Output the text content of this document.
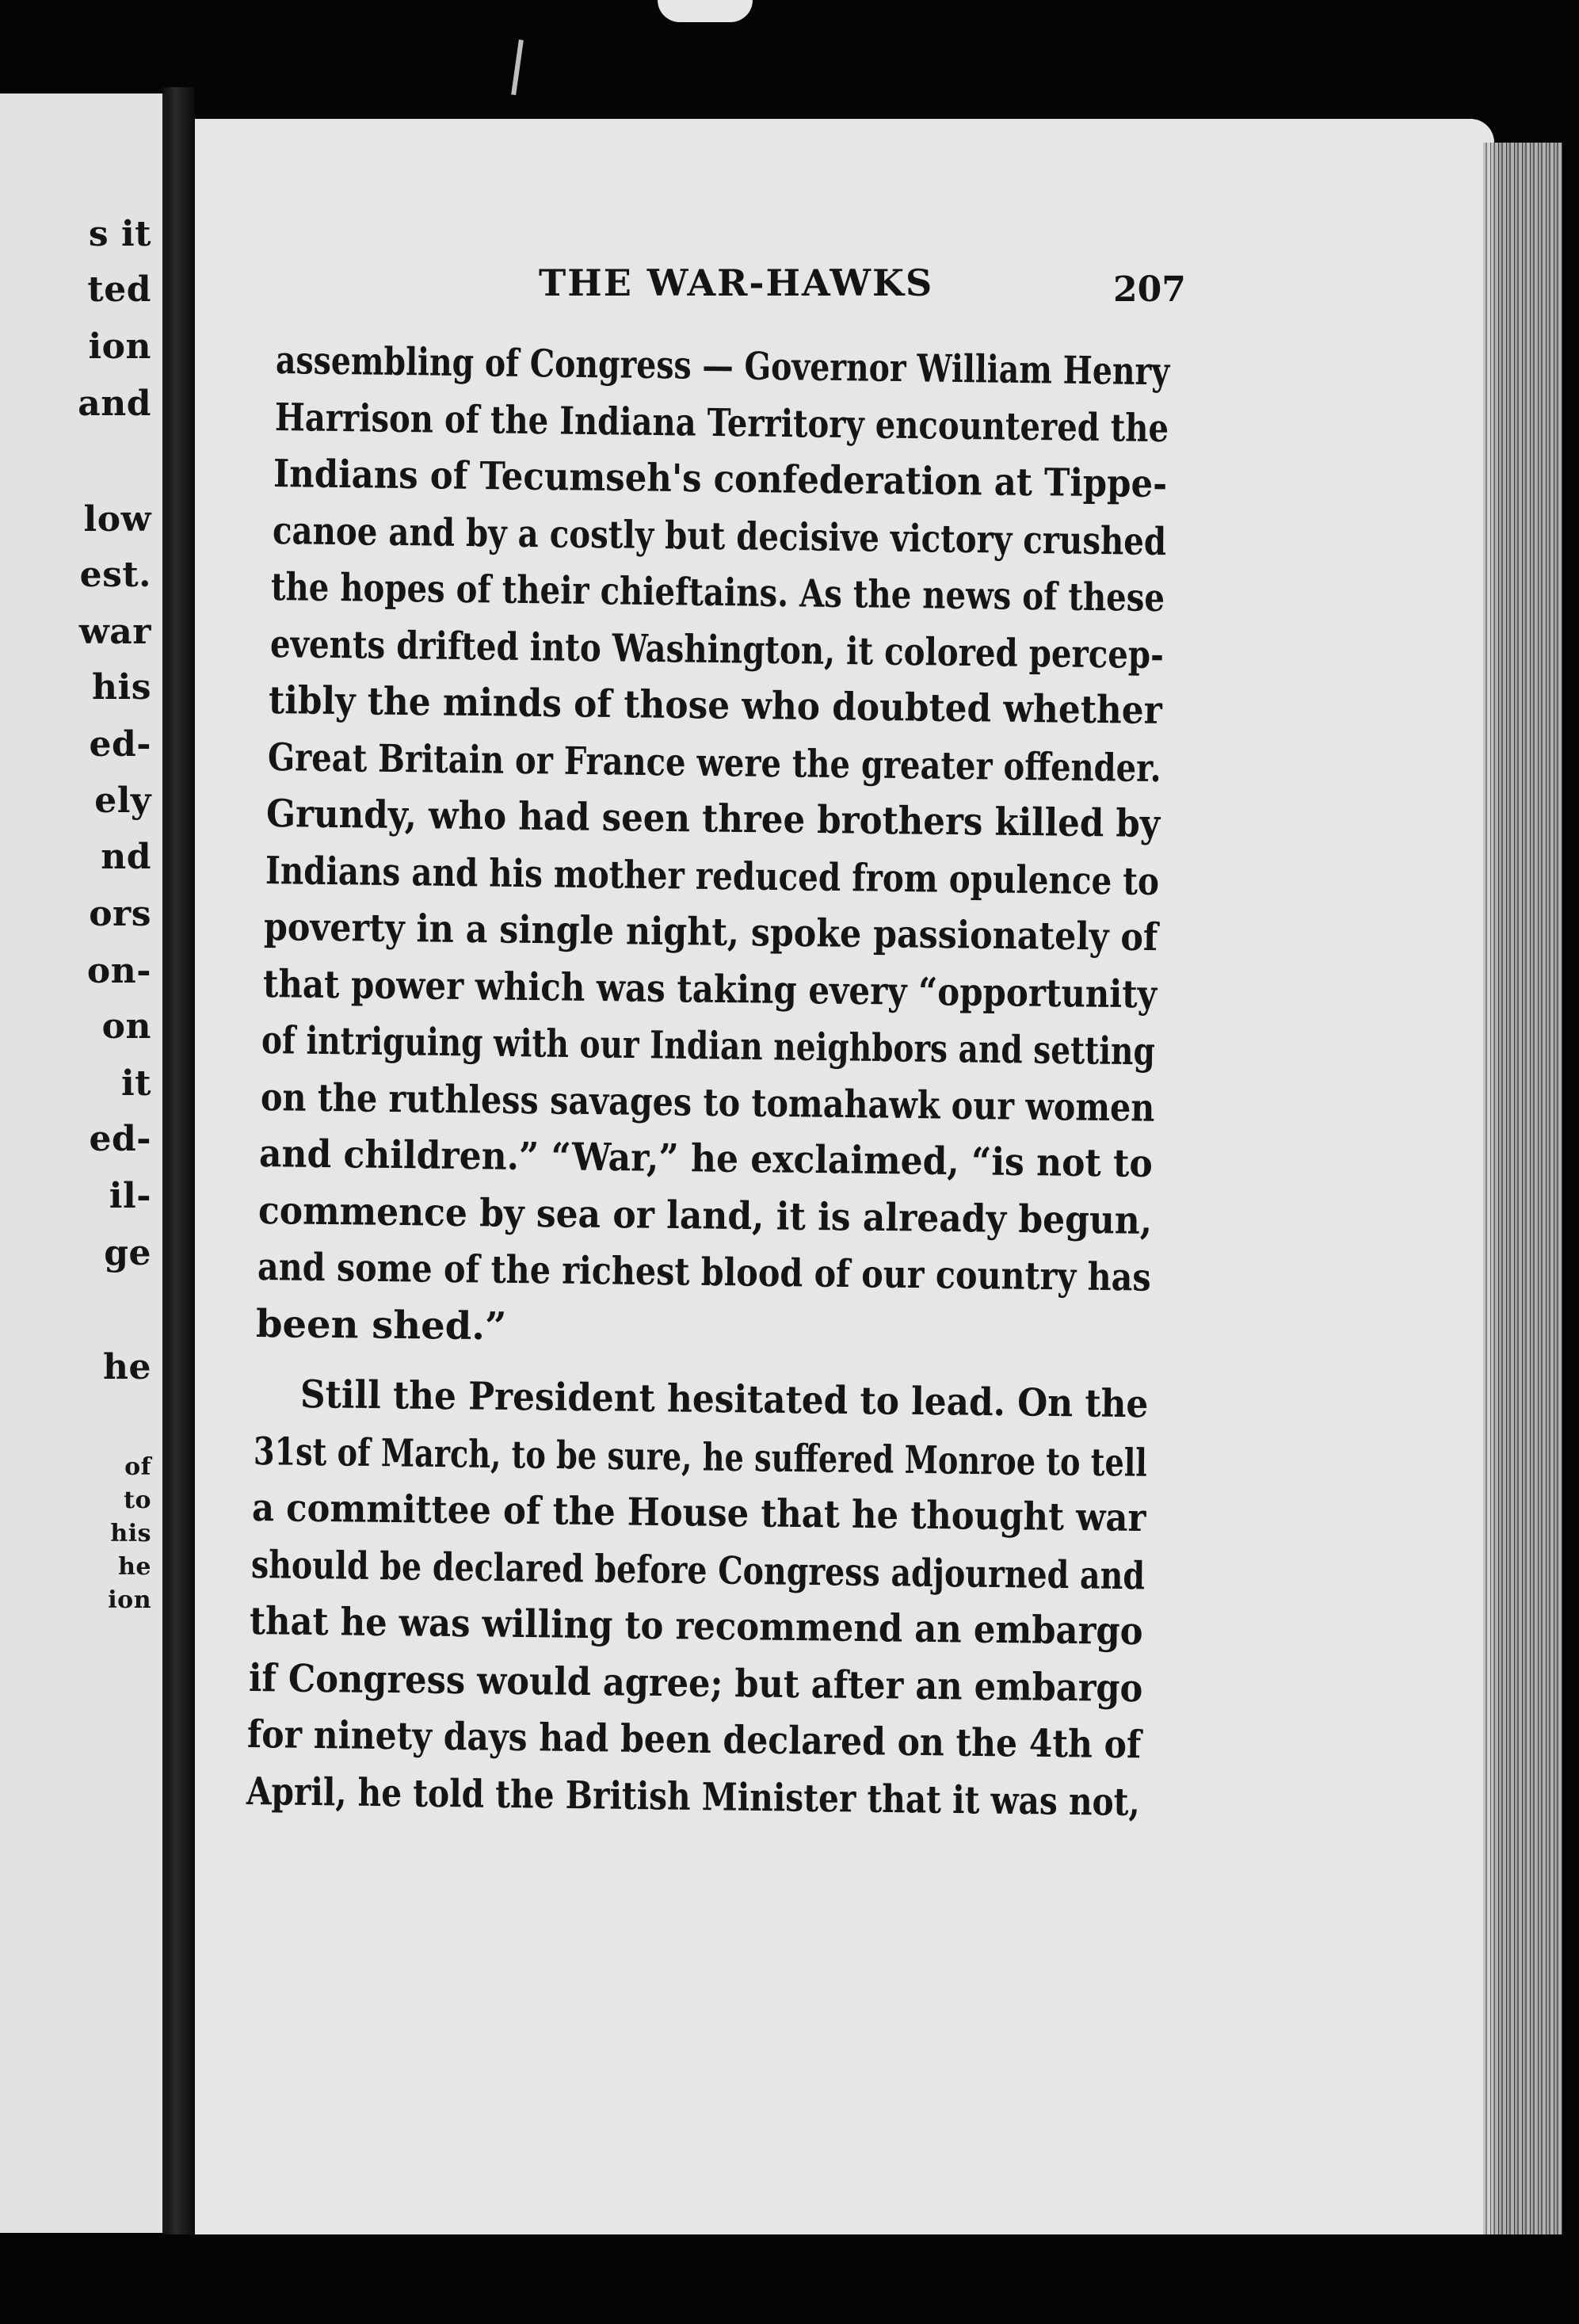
s it
ted
ion
and
low
est.
war
his
ed-
ely
nd
ors
on-
on
it
ed-
il-
ge
he
of
to
his
he
ion
THE WAR-HAWKS	207
assembling of Congress — Governor William Henry
Harrison of the Indiana Territory encountered the
Indians of Tecumseh's confederation at Tippe-
canoe and by a costly but decisive victory crushed
the hopes of their chieftains. As the news of these
events drifted into Washington, it colored percep-
tibly the minds of those who doubted whether
Great Britain or France were the greater offender.
Grundy, who had seen three brothers killed by
Indians and his mother reduced from opulence to
poverty in a single night, spoke passionately of
that power which was taking every “opportunity
of intriguing with our Indian neighbors and setting
on the ruthless savages to tomahawk our women
and children.” “War,” he exclaimed, “is not to
commence by sea or land, it is already begun,
and some of the richest blood of our country has
been shed.”
Still the President hesitated to lead. On the
31st of March, to be sure, he suffered Monroe to tell
a committee of the House that he thought war
should be declared before Congress adjourned and
that he was willing to recommend an embargo
if Congress would agree; but after an embargo
for ninety days had been declared on the 4th of
April, he told the British Minister that it was not,
